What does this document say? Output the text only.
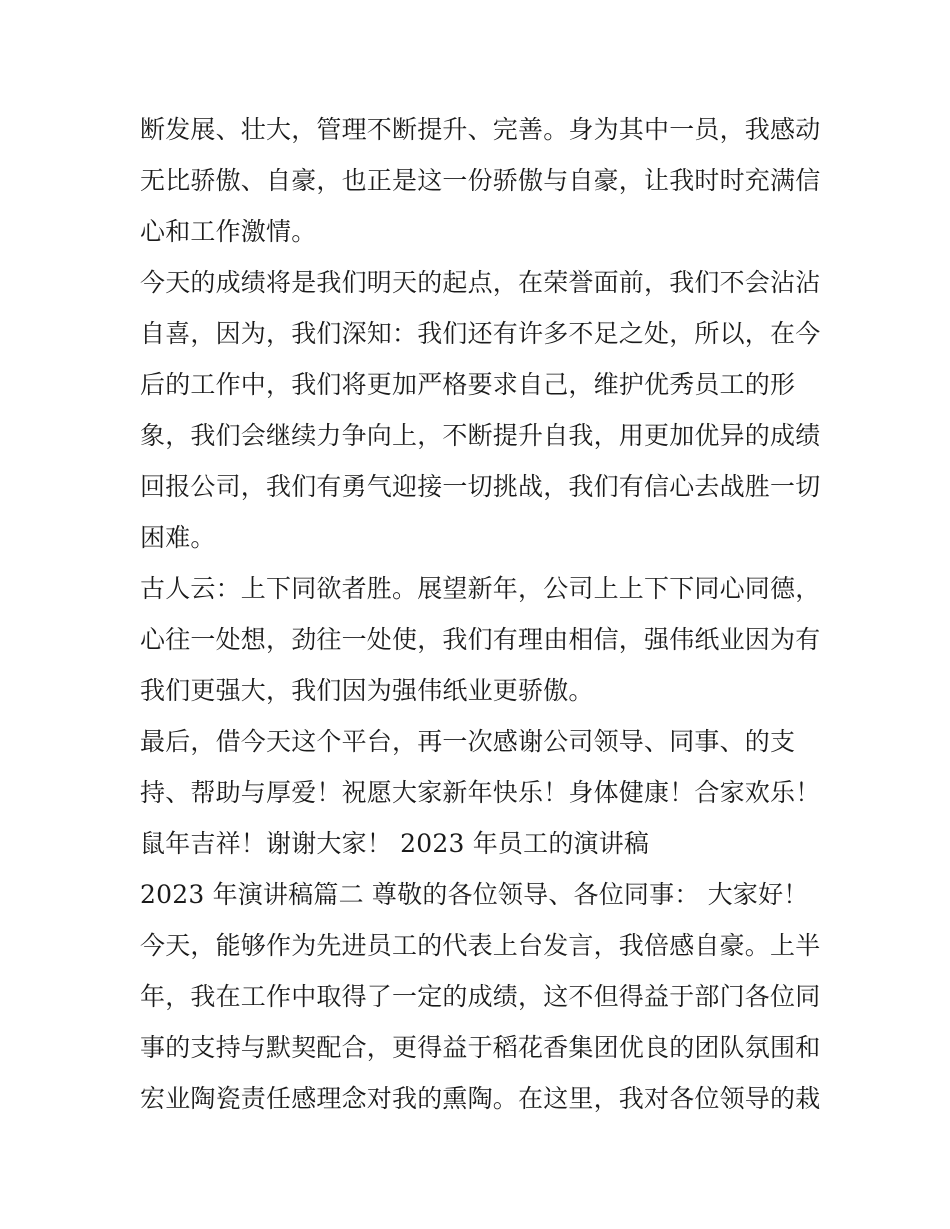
断发展、壮大，管理不断提升、完善。身为其中一员，我感动
无比骄傲、自豪，也正是这一份骄傲与自豪，让我时时充满信
心和工作激情。
今天的成绩将是我们明天的起点，在荣誉面前，我们不会沾沾
自喜，因为，我们深知：我们还有许多不足之处，所以，在今
后的工作中，我们将更加严格要求自己，维护优秀员工的形
象，我们会继续力争向上，不断提升自我，用更加优异的成绩
回报公司，我们有勇气迎接一切挑战，我们有信心去战胜一切
困难。
古人云：上下同欲者胜。展望新年，公司上上下下同心同德，
心往一处想，劲往一处使，我们有理由相信，强伟纸业因为有
我们更强大，我们因为强伟纸业更骄傲。
最后，借今天这个平台，再一次感谢公司领导、同事、的支
持、帮助与厚爱！祝愿大家新年快乐！身体健康！合家欢乐！
鼠年吉祥！谢谢大家！ 2023 年员工的演讲稿
2023 年演讲稿篇二 尊敬的各位领导、各位同事： 大家好！
今天，能够作为先进员工的代表上台发言，我倍感自豪。上半
年，我在工作中取得了一定的成绩，这不但得益于部门各位同
事的支持与默契配合，更得益于稻花香集团优良的团队氛围和
宏业陶瓷责任感理念对我的熏陶。在这里，我对各位领导的栽
